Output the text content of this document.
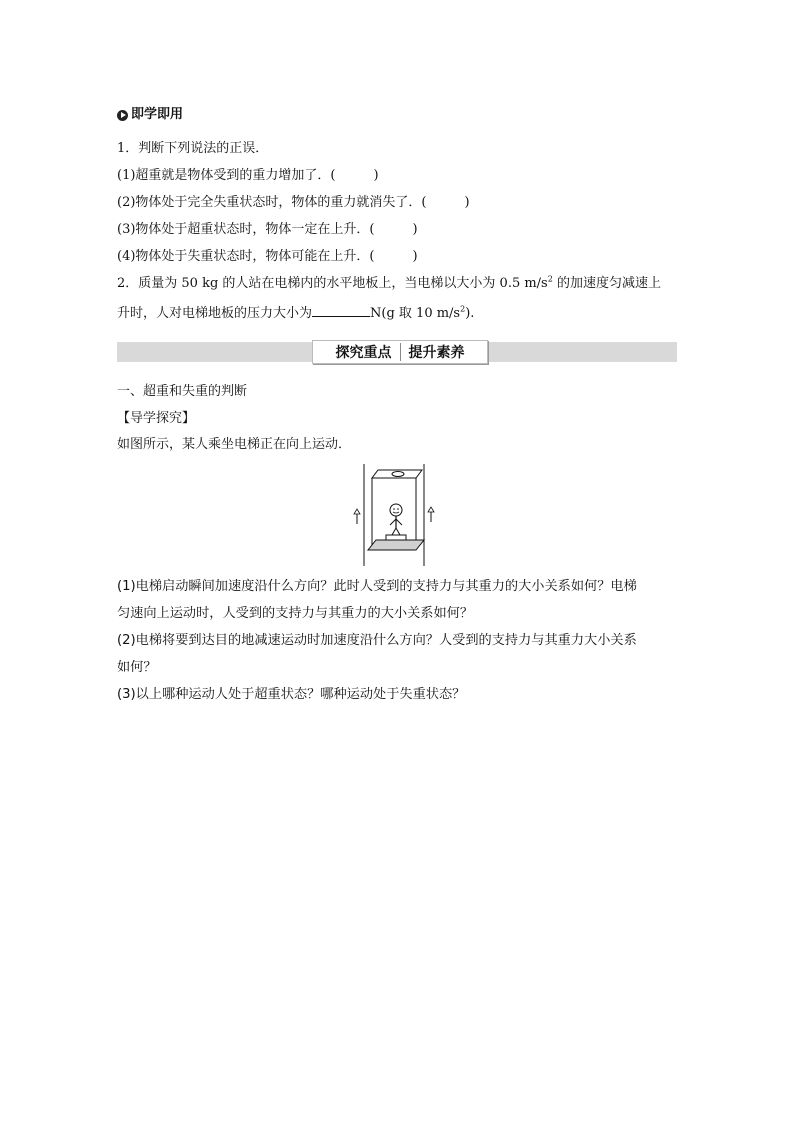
即学即用
1．判断下列说法的正误．
(1)超重就是物体受到的重力增加了．(	)
(2)物体处于完全失重状态时，物体的重力就消失了．(	)
(3)物体处于超重状态时，物体一定在上升．(	)
(4)物体处于失重状态时，物体可能在上升．(	)
2．质量为 50 kg 的人站在电梯内的水平地板上，当电梯以大小为 0.5 $m/s^2$ 的加速度匀减速上
升时，人对电梯地板的压力大小为	N(g 取 10 $m/s^2$).
探究重点 提升素养
一、超重和失重的判断
【导学探究】
如图所示，某人乘坐电梯正在向上运动．
(1)电梯启动瞬间加速度沿什么方向？此时人受到的支持力与其重力的大小关系如何？电梯
匀速向上运动时，人受到的支持力与其重力的大小关系如何？
(2)电梯将要到达目的地减速运动时加速度沿什么方向？人受到的支持力与其重力大小关系
如何？
(3)以上哪种运动人处于超重状态？哪种运动处于失重状态？
